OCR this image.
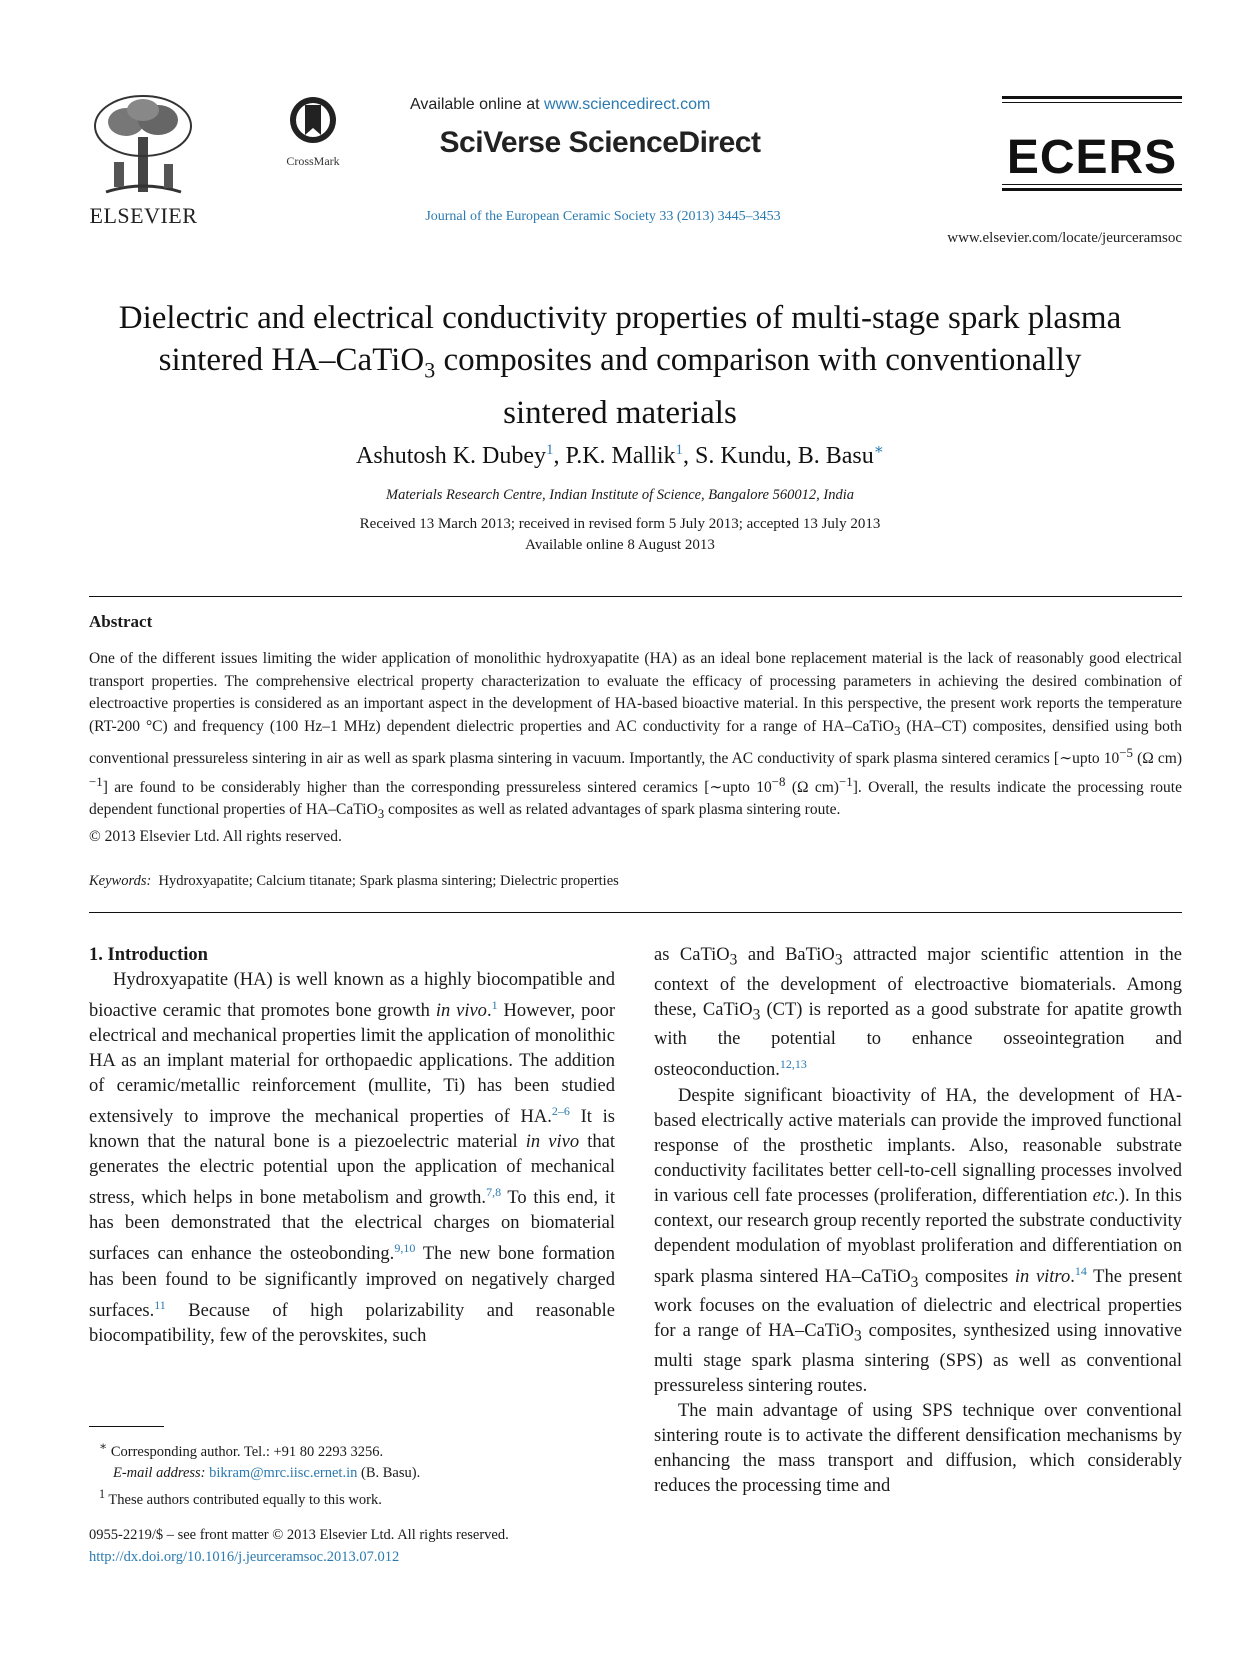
ELSEVIER
CrossMark
Available online at www.sciencedirect.com
SciVerse ScienceDirect
Journal of the European Ceramic Society 33 (2013) 3445–3453
ECERS
www.elsevier.com/locate/jeurceramsoc
Dielectric and electrical conductivity properties of multi-stage spark plasma
sintered HA–CaTiO$_3$ composites and comparison with conventionally
sintered materials
Ashutosh K. Dubey$^1$, P.K. Mallik$^1$, S. Kundu, B. Basu∗
Materials Research Centre, Indian Institute of Science, Bangalore 560012, India
Received 13 March 2013; received in revised form 5 July 2013; accepted 13 July 2013
Available online 8 August 2013
Abstract
One of the different issues limiting the wider application of monolithic hydroxyapatite (HA) as an ideal bone replacement material is the lack of reasonably good electrical transport properties. The comprehensive electrical property characterization to evaluate the efficacy of processing parameters in achieving the desired combination of electroactive properties is considered as an important aspect in the development of HA-based bioactive material. In this perspective, the present work reports the temperature (RT-200 °C) and frequency (100 Hz–1 MHz) dependent dielectric properties and AC conductivity for a range of HA–CaTiO$_3$ (HA–CT) composites, densified using both conventional pressureless sintering in air as well as spark plasma sintering in vacuum. Importantly, the AC conductivity of spark plasma sintered ceramics [∼upto $10^{-5}$ (Ω cm)$^{-1}$] are found to be considerably higher than the corresponding pressureless sintered ceramics [∼upto $10^{-8}$ (Ω cm)$^{-1}$]. Overall, the results indicate the processing route dependent functional properties of HA–CaTiO$_3$ composites as well as related advantages of spark plasma sintering route.
© 2013 Elsevier Ltd. All rights reserved.
Keywords: Hydroxyapatite; Calcium titanate; Spark plasma sintering; Dielectric properties

1. Introduction

Hydroxyapatite (HA) is well known as a highly biocompatible and bioactive ceramic that promotes bone growth in vivo.$^1$ However, poor electrical and mechanical properties limit the application of monolithic HA as an implant material for orthopaedic applications. The addition of ceramic/metallic reinforcement (mullite, Ti) has been studied extensively to improve the mechanical properties of HA.$^{2-6}$ It is known that the natural bone is a piezoelectric material in vivo that generates the electric potential upon the application of mechanical stress, which helps in bone metabolism and growth.$^{7,8}$ To this end, it has been demonstrated that the electrical charges on biomaterial surfaces can enhance the osteobonding.$^{9,10}$ The new bone formation has been found to be significantly improved on negatively charged surfaces.$^{11}$ Because of high polarizability and reasonable biocompatibility, few of the perovskites, such

as CaTiO$_3$ and BaTiO$_3$ attracted major scientific attention in the context of the development of electroactive biomaterials. Among these, CaTiO$_3$ (CT) is reported as a good substrate for apatite growth with the potential to enhance osseointegration and osteoconduction.$^{12,13}$

Despite significant bioactivity of HA, the development of HA-based electrically active materials can provide the improved functional response of the prosthetic implants. Also, reasonable substrate conductivity facilitates better cell-to-cell signalling processes involved in various cell fate processes (proliferation, differentiation etc.). In this context, our research group recently reported the substrate conductivity dependent modulation of myoblast proliferation and differentiation on spark plasma sintered HA–CaTiO$_3$ composites in vitro.$^{14}$ The present work focuses on the evaluation of dielectric and electrical properties for a range of HA–CaTiO$_3$ composites, synthesized using innovative multi stage spark plasma sintering (SPS) as well as conventional pressureless sintering routes.

The main advantage of using SPS technique over conventional sintering route is to activate the different densification mechanisms by enhancing the mass transport and diffusion, which considerably reduces the processing time and

∗ Corresponding author. Tel.: +91 80 2293 3256.
E-mail address: bikram@mrc.iisc.ernet.in (B. Basu).
$^1$ These authors contributed equally to this work.
0955-2219/$ – see front matter © 2013 Elsevier Ltd. All rights reserved.
http://dx.doi.org/10.1016/j.jeurceramsoc.2013.07.012
